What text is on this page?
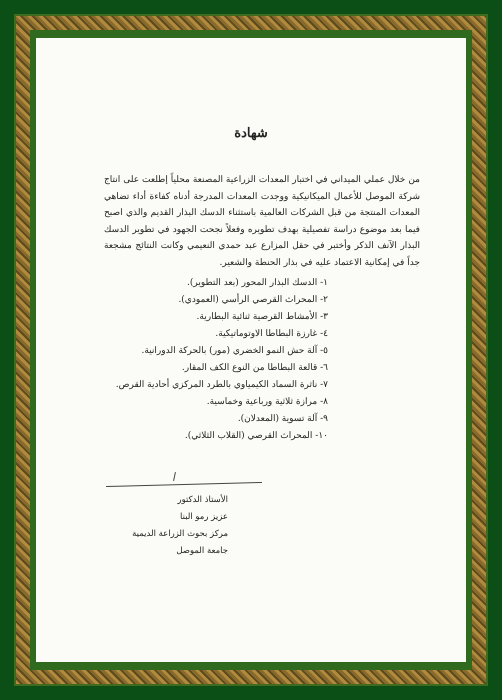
شهادة
من خلال عملي الميداني في اختبار المعدات الزراعية المصنعة محلياً إطلعت على انتاج شركة الموصل للأعمال الميكانيكية ووجدت المعدات المدرجة أدناه كفاءة أداء تضاهي المعدات المنتجة من قبل الشركات العالمية باستثناء الدسك البذار القديم والذي اصبح فيما بعد موضوع دراسة تفصيلية بهدف تطويره وفعلاً نجحت الجهود في تطوير الدسك البذار الآنف الذكر وأختبر في حقل المزارع عبد حمدي النعيمي وكانت النتائج مشجعة جداً في إمكانية الاعتماد عليه في بذار الحنطة والشعير.
١- الدسك البذار المحور (بعد التطوير).
٢- المحراث القرصي الرأسي (العمودي).
٣- الأمشاط القرصية ثنائية البطارية.
٤- غارزة البطاطا الاوتوماتيكية.
٥- آلة حش النمو الخضري (مور) بالحركة الدورانية.
٦- قالعة البطاطا من النوع الكف المقار.
٧- ناثرة السماد الكيمياوي بالطرد المركزي أحادية القرص.
٨- مرازة ثلاثية ورباعية وخماسية.
٩- آلة تسوية (المعدلان).
١٠- المحراث القرصي (القلاب الثلاثي).
الأستاذ الدكتور
عزيز رمو البنا
مركز بحوث الزراعة الديمية
جامعة الموصل
